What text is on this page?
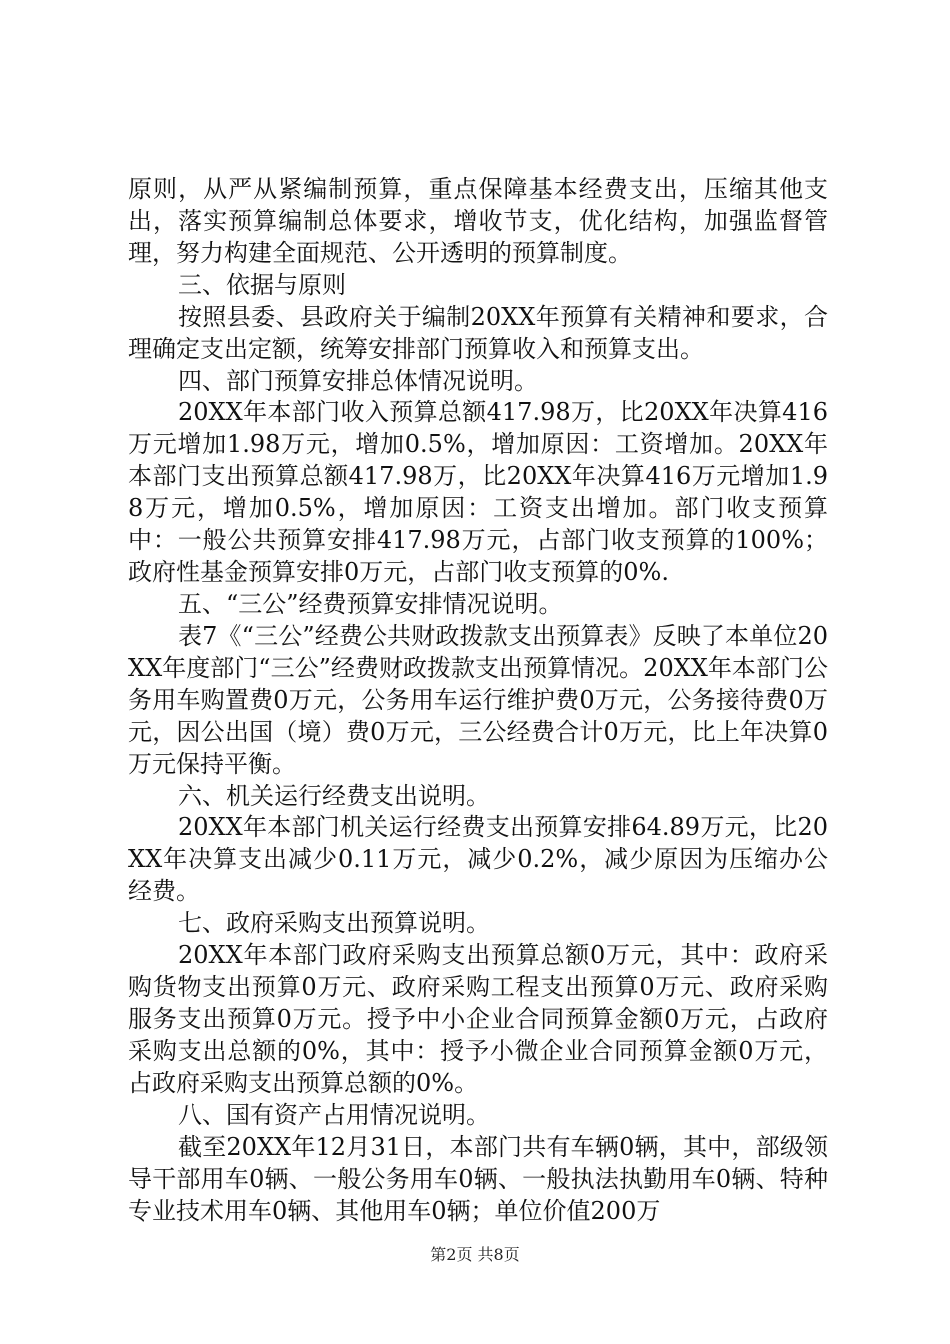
原则，从严从紧编制预算，重点保障基本经费支出，压缩其他支出，落实预算编制总体要求，增收节支，优化结构，加强监督管理，努力构建全面规范、公开透明的预算制度。

三、依据与原则

按照县委、县政府关于编制20XX年预算有关精神和要求，合理确定支出定额，统筹安排部门预算收入和预算支出。

四、部门预算安排总体情况说明。

20XX年本部门收入预算总额417.98万，比20XX年决算416万元增加1.98万元，增加0.5%，增加原因：工资增加。20XX年本部门支出预算总额417.98万，比20XX年决算416万元增加1.98万元，增加0.5%，增加原因：工资支出增加。部门收支预算中：一般公共预算安排417.98万元，占部门收支预算的100%；政府性基金预算安排0万元，占部门收支预算的0%.

五、“三公”经费预算安排情况说明。

表7《“三公”经费公共财政拨款支出预算表》反映了本单位20XX年度部门“三公”经费财政拨款支出预算情况。20XX年本部门公务用车购置费0万元，公务用车运行维护费0万元，公务接待费0万元，因公出国（境）费0万元，三公经费合计0万元，比上年决算0万元保持平衡。

六、机关运行经费支出说明。

20XX年本部门机关运行经费支出预算安排64.89万元，比20XX年决算支出减少0.11万元，减少0.2%，减少原因为压缩办公经费。

七、政府采购支出预算说明。

20XX年本部门政府采购支出预算总额0万元，其中：政府采购货物支出预算0万元、政府采购工程支出预算0万元、政府采购服务支出预算0万元。授予中小企业合同预算金额0万元，占政府采购支出总额的0%，其中：授予小微企业合同预算金额0万元，占政府采购支出预算总额的0%。

八、国有资产占用情况说明。

截至20XX年12月31日，本部门共有车辆0辆，其中，部级领导干部用车0辆、一般公务用车0辆、一般执法执勤用车0辆、特种专业技术用车0辆、其他用车0辆；单位价值200万

第2页 共8页
